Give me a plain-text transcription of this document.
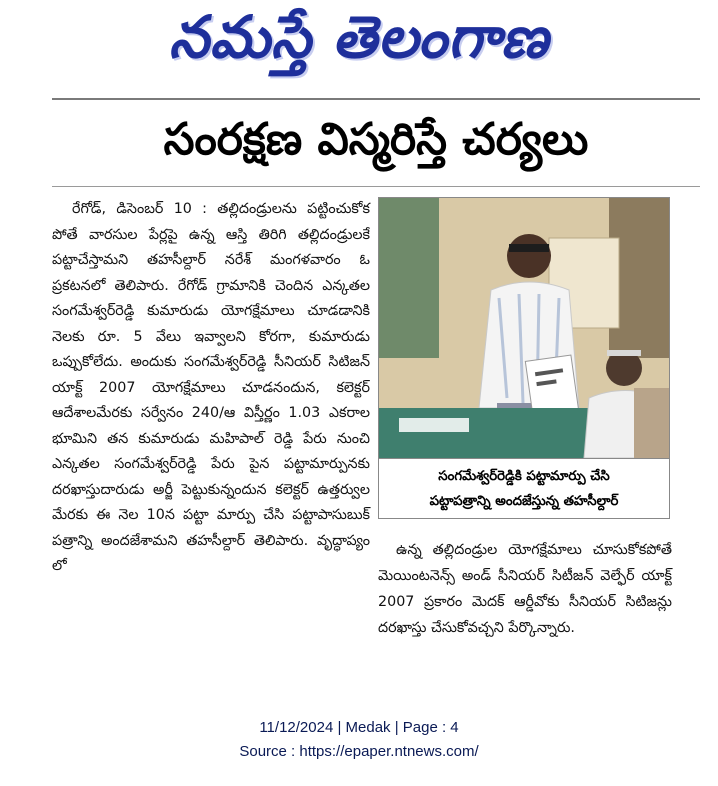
నమస్తే తెలంగాణ
సంరక్షణ విస్మరిస్తే చర్యలు

రేగోడ్, డిసెంబర్ 10 : తల్లిదండ్రులను పట్టించుకోక పోతే వారసుల పేర్లపై ఉన్న ఆస్తి తిరిగి తల్లిదండ్రులకే పట్టాచేస్తామని తహసీల్దార్ నరేశ్ మంగళవారం ఓ ప్రకటనలో తెలిపారు. రేగోడ్ గ్రామానికి చెందిన ఎన్కతల సంగమేశ్వర్‌రెడ్డి కుమారుడు యోగక్షేమాలు చూడడానికి నెలకు రూ. 5 వేలు ఇవ్వాలని కోరగా, కుమారుడు ఒప్పుకోలేదు. అందుకు సంగమేశ్వర్‌రెడ్డి సీనియర్ సిటిజన్ యాక్ట్ 2007 యోగక్షేమాలు చూడనందున, కలెక్టర్ ఆదేశాలమేరకు సర్వేనం 240/ఆ విస్తీర్ణం 1.03 ఎకరాల భూమిని తన కుమారుడు మహిపాల్ రెడ్డి పేరు నుంచి ఎన్కతల సంగమేశ్వర్‌రెడ్డి పేరు పైన పట్టామార్పునకు దరఖాస్తుదారుడు అర్జీ పెట్టుకున్నందున కలెక్టర్ ఉత్తర్వుల మేరకు ఈ నెల 10న పట్టా మార్పు చేసి పట్టాపాసుబుక్ పత్రాన్ని అందజేశామని తహసీల్దార్ తెలిపారు. వృద్ధాప్యం లో

సంగమేశ్వర్‌రెడ్డికి పట్టామార్పు చేసి
పట్టాపత్రాన్ని అందజేస్తున్న తహసీల్దార్

ఉన్న తల్లిదండ్రుల యోగక్షేమాలు చూసుకోకపోతే మెయింటనెన్స్ అండ్ సీనియర్ సిటీజన్ వెల్ఫేర్ యాక్ట్ 2007 ప్రకారం మెదక్ ఆర్డీవోకు సీనియర్ సిటిజన్లు దరఖాస్తు చేసుకోవచ్చని పేర్కొన్నారు.

11/12/2024 | Medak | Page : 4
Source : https://epaper.ntnews.com/
